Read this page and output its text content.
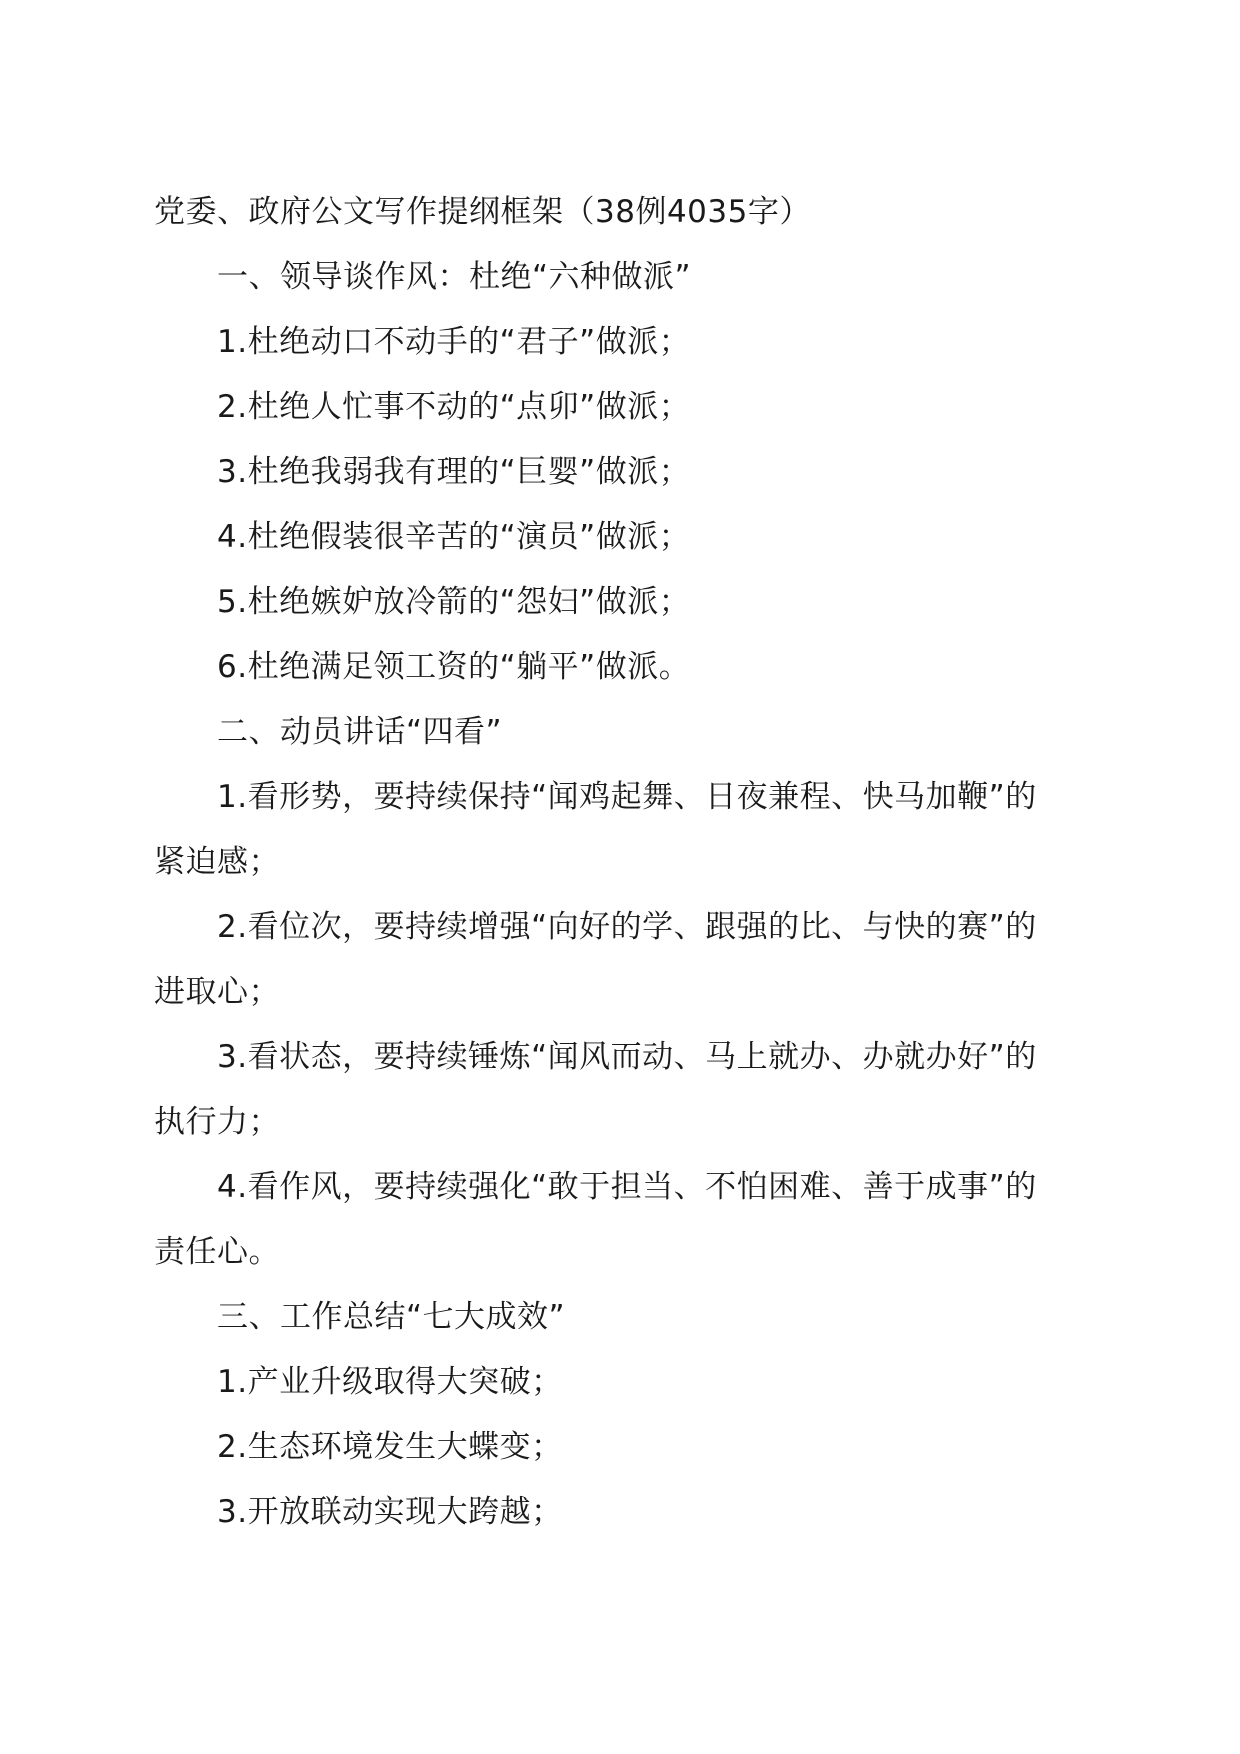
党委、政府公文写作提纲框架（38例4035字）

一、领导谈作风：杜绝“六种做派”

1.杜绝动口不动手的“君子”做派；

2.杜绝人忙事不动的“点卯”做派；

3.杜绝我弱我有理的“巨婴”做派；

4.杜绝假装很辛苦的“演员”做派；

5.杜绝嫉妒放冷箭的“怨妇”做派；

6.杜绝满足领工资的“躺平”做派。

二、动员讲话“四看”

1.看形势，要持续保持“闻鸡起舞、日夜兼程、快马加鞭”的

紧迫感；

2.看位次，要持续增强“向好的学、跟强的比、与快的赛”的

进取心；

3.看状态，要持续锤炼“闻风而动、马上就办、办就办好”的

执行力；

4.看作风，要持续强化“敢于担当、不怕困难、善于成事”的

责任心。

三、工作总结“七大成效”

1.产业升级取得大突破；

2.生态环境发生大蝶变；

3.开放联动实现大跨越；
